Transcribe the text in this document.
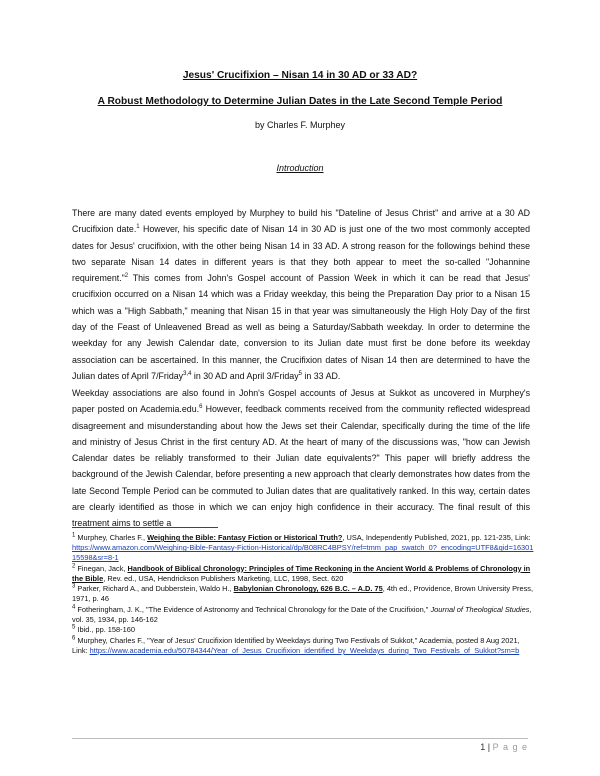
Jesus' Crucifixion – Nisan 14 in 30 AD or 33 AD?
A Robust Methodology to Determine Julian Dates in the Late Second Temple Period
by Charles F. Murphey
Introduction

There are many dated events employed by Murphey to build his "Dateline of Jesus Christ" and arrive at a 30 AD Crucifixion date.$^1$ However, his specific date of Nisan 14 in 30 AD is just one of the two most commonly accepted dates for Jesus' crucifixion, with the other being Nisan 14 in 33 AD. A strong reason for the followings behind these two separate Nisan 14 dates in different years is that they both appear to meet the so-called "Johannine requirement."$^2$ This comes from John's Gospel account of Passion Week in which it can be read that Jesus' crucifixion occurred on a Nisan 14 which was a Friday weekday, this being the Preparation Day prior to a Nisan 15 which was a "High Sabbath," meaning that Nisan 15 in that year was simultaneously the High Holy Day of the first day of the Feast of Unleavened Bread as well as being a Saturday/Sabbath weekday. In order to determine the weekday for any Jewish Calendar date, conversion to its Julian date must first be done before its weekday association can be ascertained. In this manner, the Crucifixion dates of Nisan 14 then are determined to have the Julian dates of April 7/Friday$^{3,4}$ in 30 AD and April 3/Friday$^5$ in 33 AD.

Weekday associations are also found in John's Gospel accounts of Jesus at Sukkot as uncovered in Murphey's paper posted on Academia.edu.$^6$ However, feedback comments received from the community reflected widespread disagreement and misunderstanding about how the Jews set their Calendar, specifically during the time of the life and ministry of Jesus Christ in the first century AD. At the heart of many of the discussions was, "how can Jewish Calendar dates be reliably transformed to their Julian date equivalents?" This paper will briefly address the background of the Jewish Calendar, before presenting a new approach that clearly demonstrates how dates from the late Second Temple Period can be commuted to Julian dates that are qualitatively ranked. In this way, certain dates are clearly identified as those in which we can enjoy high confidence in their accuracy. The final result of this treatment aims to settle a

$^1$ Murphey, Charles F., Weighing the Bible: Fantasy Fiction or Historical Truth?, USA, Independently Published, 2021, pp. 121-235, Link: https://www.amazon.com/Weighing-Bible-Fantasy-Fiction-Historical/dp/B08RC4BPSY/ref=tmm_pap_swatch_0?_encoding=UTF8&qid=1630115598&sr=8-1

$^2$ Finegan, Jack, Handbook of Biblical Chronology: Principles of Time Reckoning in the Ancient World & Problems of Chronology in the Bible, Rev. ed., USA, Hendrickson Publishers Marketing, LLC, 1998, Sect. 620

$^3$ Parker, Richard A., and Dubberstein, Waldo H., Babylonian Chronology, 626 B.C. – A.D. 75, 4th ed., Providence, Brown University Press, 1971, p. 46

$^4$ Fotheringham, J. K., "The Evidence of Astronomy and Technical Chronology for the Date of the Crucifixion," Journal of Theological Studies, vol. 35, 1934, pp. 146-162

$^5$ Ibid., pp. 158-160

$^6$ Murphey, Charles F., "Year of Jesus' Crucifixion Identified by Weekdays during Two Festivals of Sukkot," Academia, posted 8 Aug 2021, Link: https://www.academia.edu/50784344/Year_of_Jesus_Crucifixion_identified_by_Weekdays_during_Two_Festivals_of_Sukkot?sm=b

1 | P a g e
